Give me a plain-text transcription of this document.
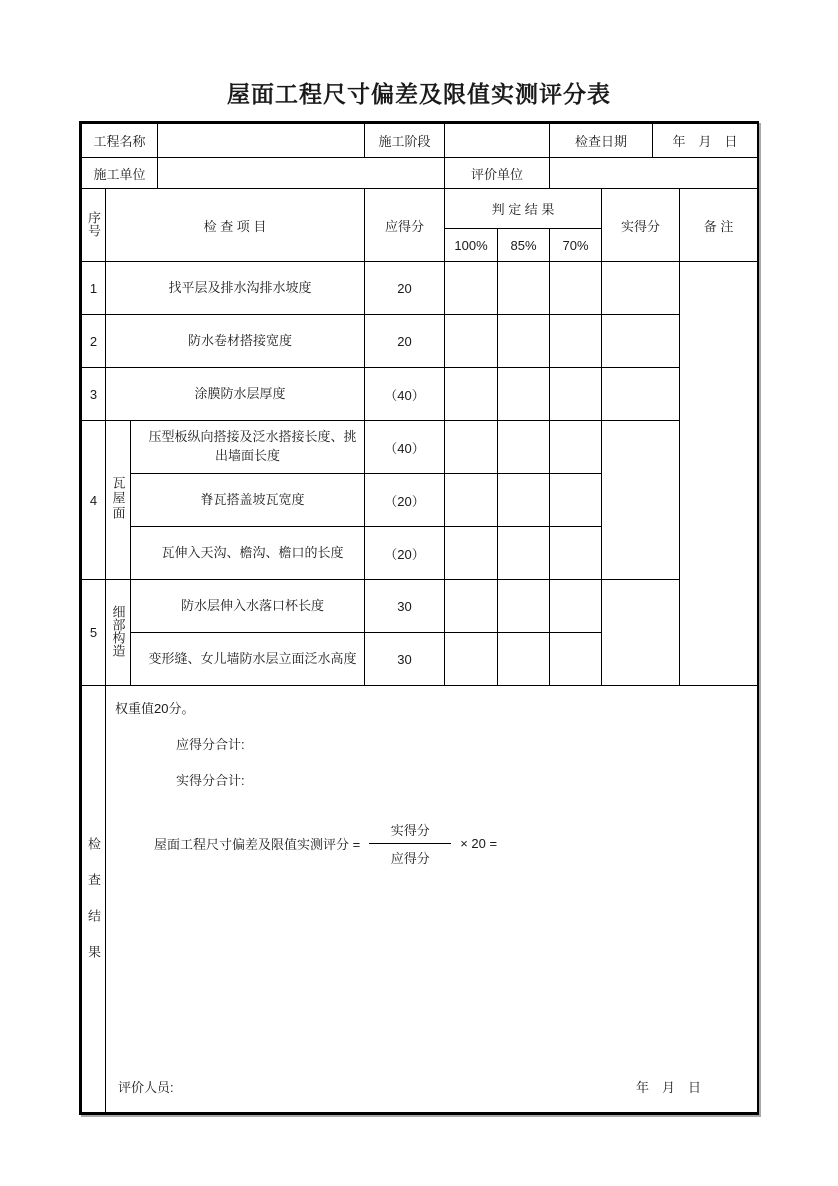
屋面工程尺寸偏差及限值实测评分表
工程名称		施工阶段		检查日期	年　月　日
施工单位			评价单位		
序号	检 查 项 目		应得分	判 定 结 果			实得分	备 注
				100%	85%	70%		
1	找平层及排水沟排水坡度		20					
2	防水卷材搭接宽度		20					
3	涂膜防水层厚度		（40）					
4	瓦屋面	压型板纵向搭接及泛水搭接长度、挑出墙面长度	（40）					
		脊瓦搭盖坡瓦宽度	（20）					
		瓦伸入天沟、檐沟、檐口的长度	（20）					
5	细部构造	防水层伸入水落口杯长度	30					
		变形缝、女儿墙防水层立面泛水高度	30					
检查结果	
权重值20分。
应得分合计:
实得分合计:
屋面工程尺寸偏差及限值实测评分 = $\frac{\text{实得分}}{\text{应得分}} \times 20$ =
评价人员:	年　月　日
